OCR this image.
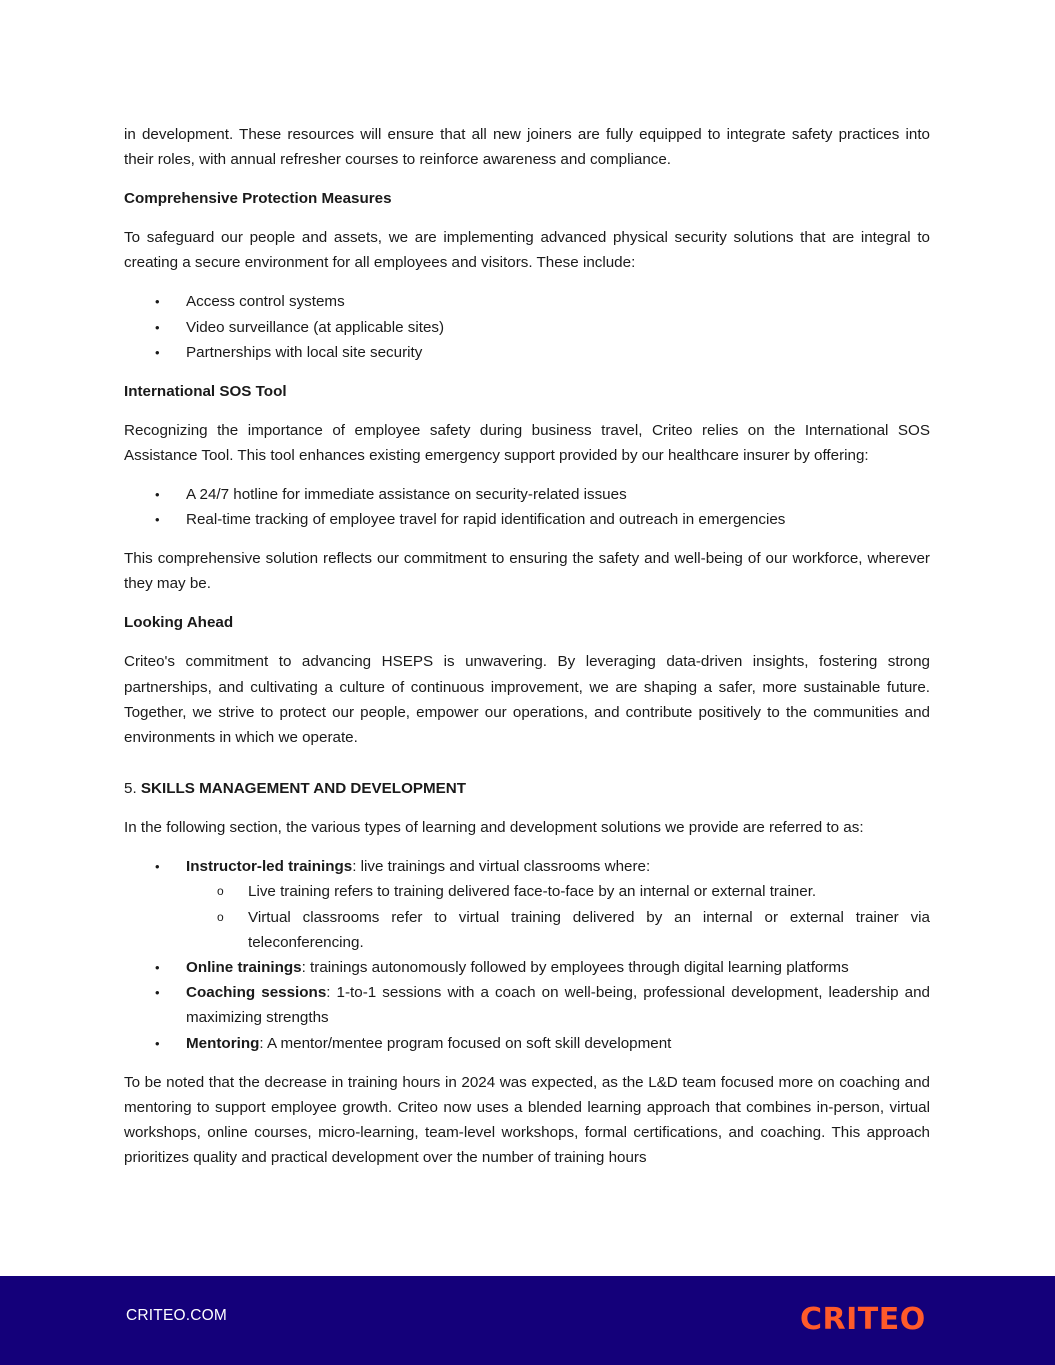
in development. These resources will ensure that all new joiners are fully equipped to integrate safety practices into their roles, with annual refresher courses to reinforce awareness and compliance.

Comprehensive Protection Measures

To safeguard our people and assets, we are implementing advanced physical security solutions that are integral to creating a secure environment for all employees and visitors. These include:

• Access control systems
• Video surveillance (at applicable sites)
• Partnerships with local site security

International SOS Tool

Recognizing the importance of employee safety during business travel, Criteo relies on the International SOS Assistance Tool. This tool enhances existing emergency support provided by our healthcare insurer by offering:

• A 24/7 hotline for immediate assistance on security-related issues
• Real-time tracking of employee travel for rapid identification and outreach in emergencies

This comprehensive solution reflects our commitment to ensuring the safety and well-being of our workforce, wherever they may be.

Looking Ahead

Criteo's commitment to advancing HSEPS is unwavering. By leveraging data-driven insights, fostering strong partnerships, and cultivating a culture of continuous improvement, we are shaping a safer, more sustainable future. Together, we strive to protect our people, empower our operations, and contribute positively to the communities and environments in which we operate.

5. SKILLS MANAGEMENT AND DEVELOPMENT

In the following section, the various types of learning and development solutions we provide are referred to as:

• Instructor-led trainings: live trainings and virtual classrooms where:
o Live training refers to training delivered face-to-face by an internal or external trainer.
o Virtual classrooms refer to virtual training delivered by an internal or external trainer via teleconferencing.
• Online trainings: trainings autonomously followed by employees through digital learning platforms
• Coaching sessions: 1-to-1 sessions with a coach on well-being, professional development, leadership and maximizing strengths
• Mentoring: A mentor/mentee program focused on soft skill development

To be noted that the decrease in training hours in 2024 was expected, as the L&D team focused more on coaching and mentoring to support employee growth. Criteo now uses a blended learning approach that combines in-person, virtual workshops, online courses, micro-learning, team-level workshops, formal certifications, and coaching. This approach prioritizes quality and practical development over the number of training hours

CRITEO.COM	CRITEO
